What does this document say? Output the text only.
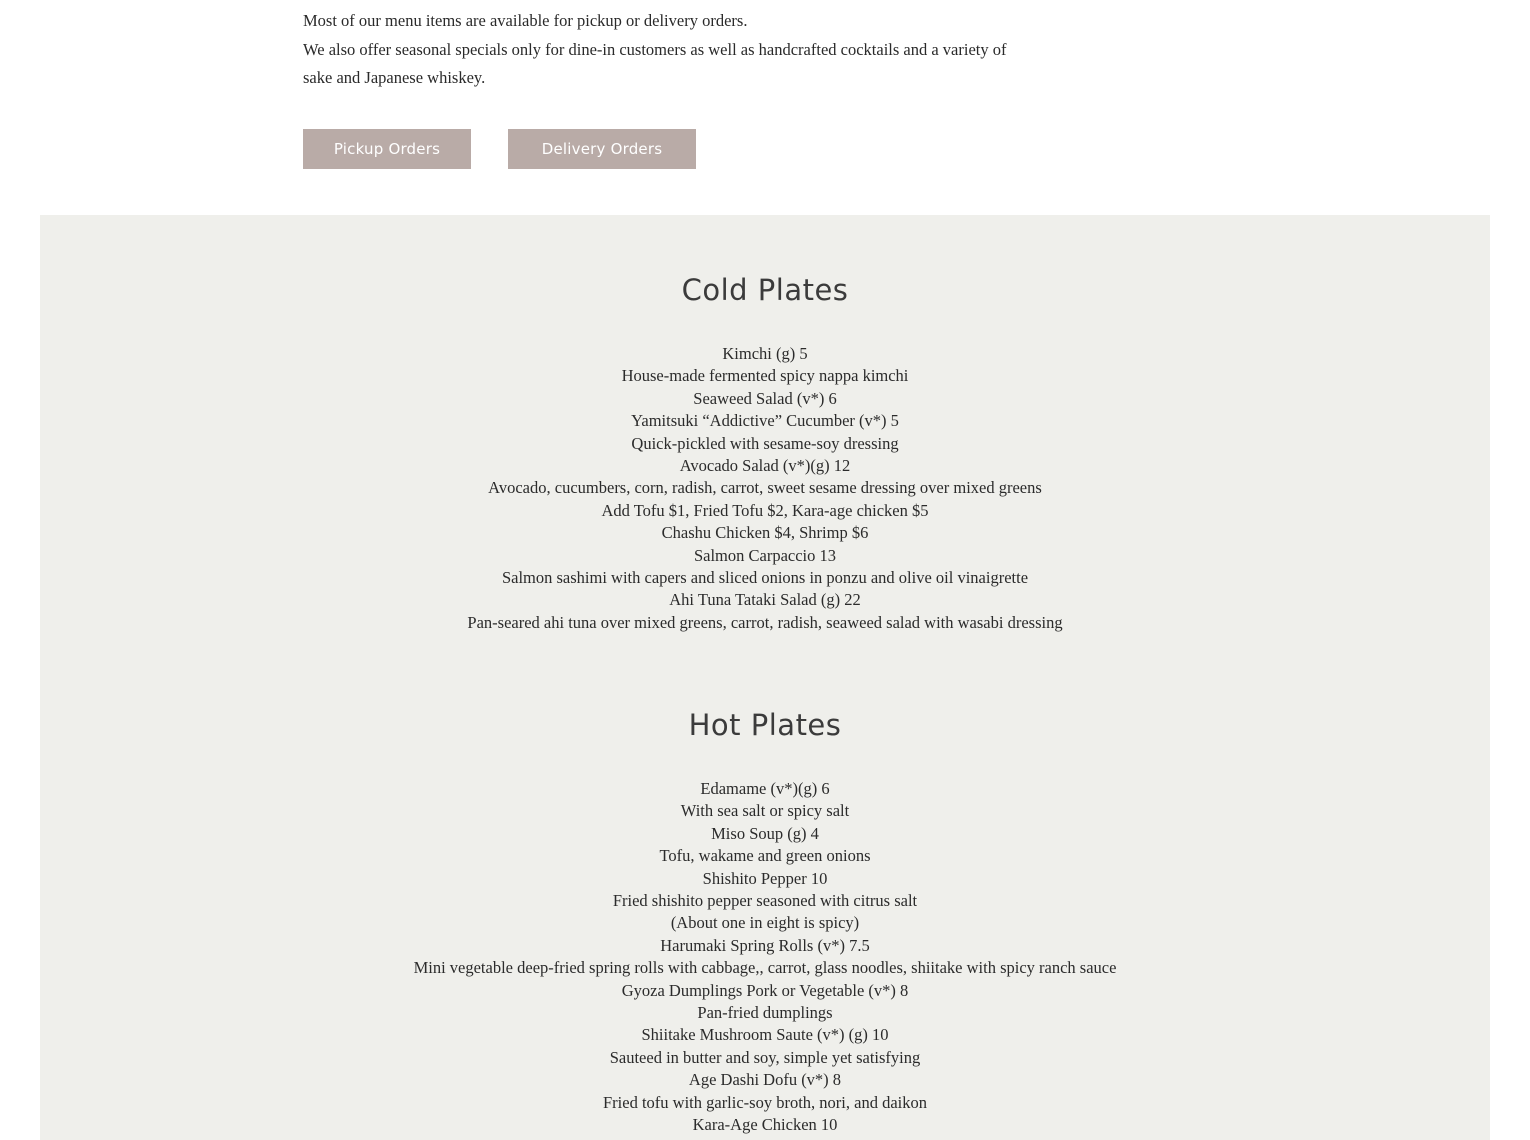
Most of our menu items are available for pickup or delivery orders.

We also offer seasonal specials only for dine-in customers as well as handcrafted cocktails and a variety of sake and Japanese whiskey.

Pickup Orders	Delivery Orders
Cold Plates
Kimchi (g) 5
House-made fermented spicy nappa kimchi
Seaweed Salad (v*) 6
Yamitsuki “Addictive” Cucumber (v*) 5
Quick-pickled with sesame-soy dressing
Avocado Salad (v*)(g) 12
Avocado, cucumbers, corn, radish, carrot, sweet sesame dressing over mixed greens
Add Tofu $1, Fried Tofu $2, Kara-age chicken $5
Chashu Chicken $4, Shrimp $6
Salmon Carpaccio 13
Salmon sashimi with capers and sliced onions in ponzu and olive oil vinaigrette
Ahi Tuna Tataki Salad (g) 22
Pan-seared ahi tuna over mixed greens, carrot, radish, seaweed salad with wasabi dressing
Hot Plates
Edamame (v*)(g) 6
With sea salt or spicy salt
Miso Soup (g) 4
Tofu, wakame and green onions
Shishito Pepper 10
Fried shishito pepper seasoned with citrus salt
(About one in eight is spicy)
Harumaki Spring Rolls (v*) 7.5
Mini vegetable deep-fried spring rolls with cabbage,, carrot, glass noodles, shiitake with spicy ranch sauce
Gyoza Dumplings Pork or Vegetable (v*) 8
Pan-fried dumplings
Shiitake Mushroom Saute (v*) (g) 10
Sauteed in butter and soy, simple yet satisfying
Age Dashi Dofu (v*) 8
Fried tofu with garlic-soy broth, nori, and daikon
Kara-Age Chicken 10
